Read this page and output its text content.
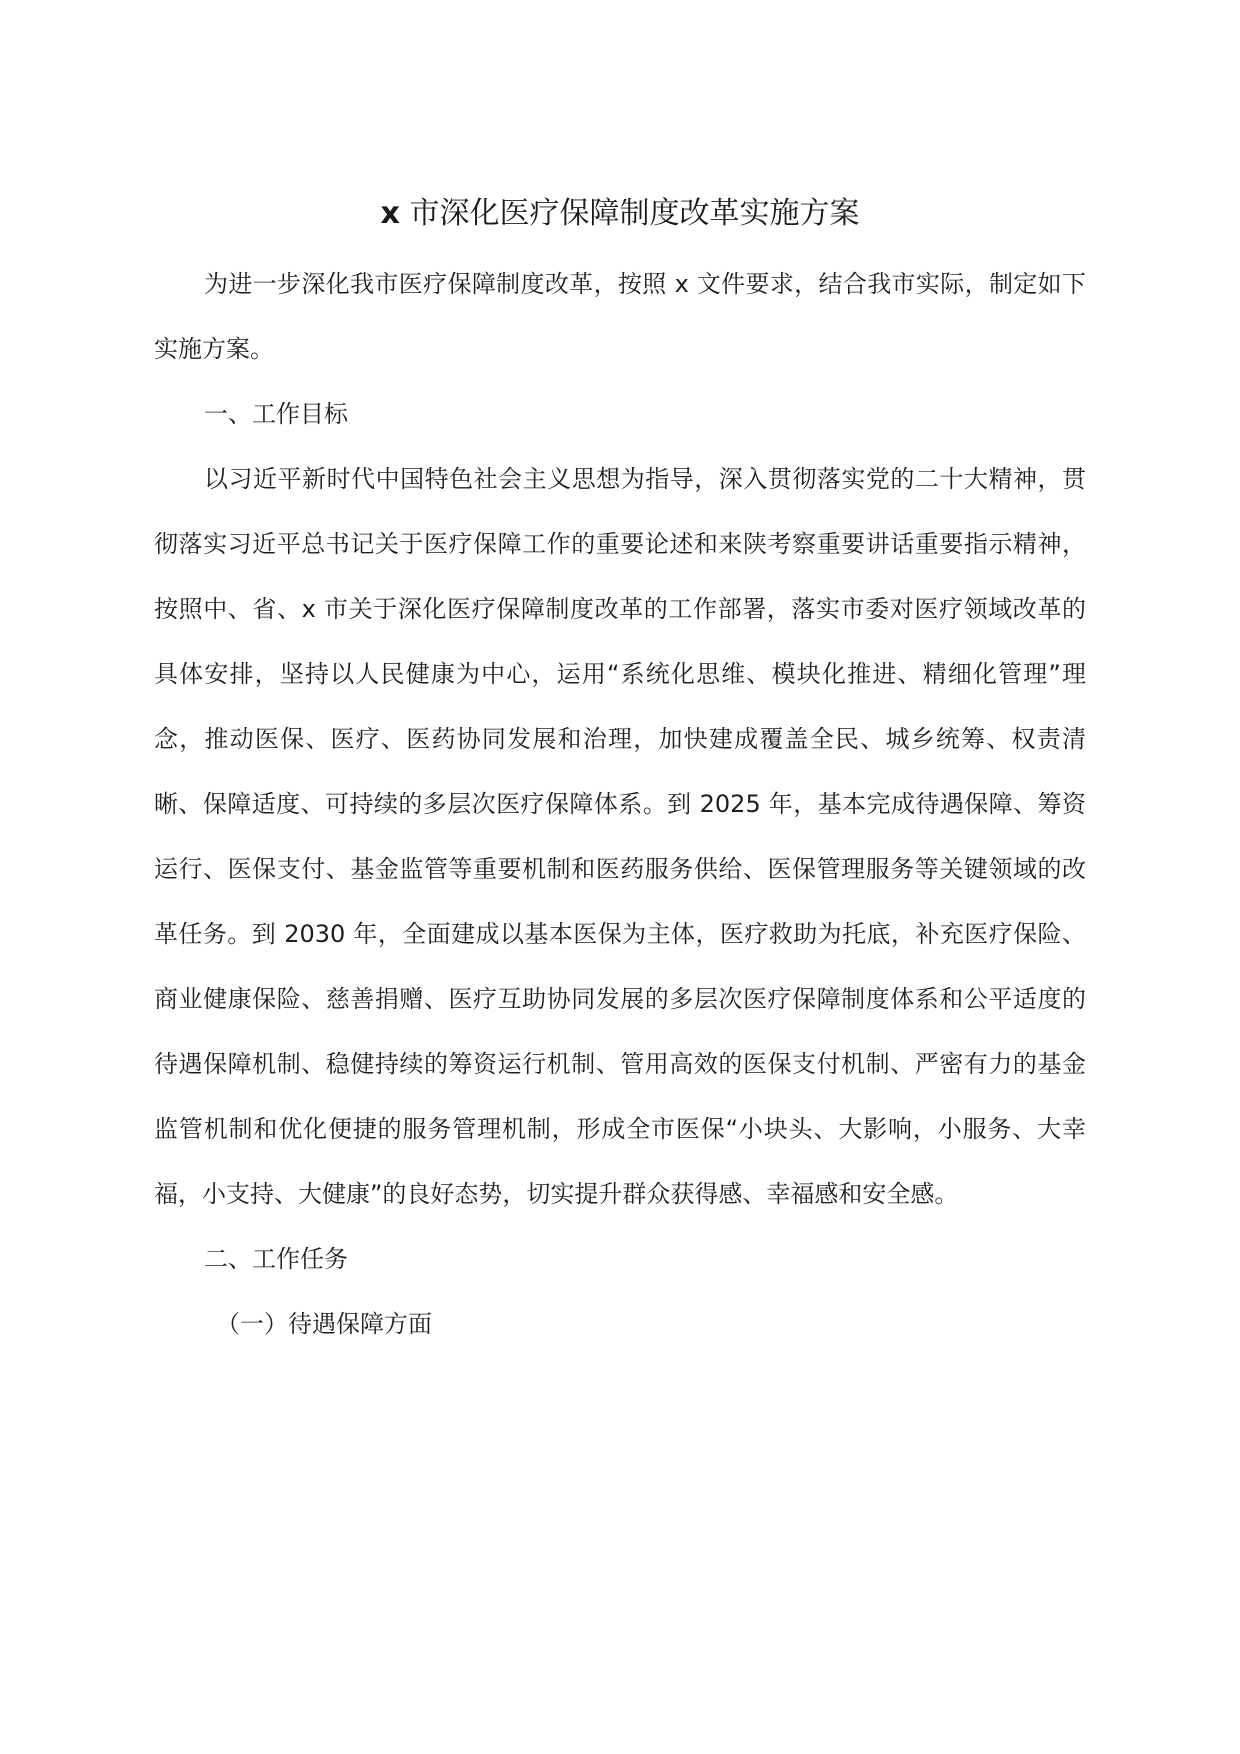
x 市深化医疗保障制度改革实施方案

为进一步深化我市医疗保障制度改革，按照 x 文件要求，结合我市实际，制定如下实施方案。

一、工作目标

以习近平新时代中国特色社会主义思想为指导，深入贯彻落实党的二十大精神，贯彻落实习近平总书记关于医疗保障工作的重要论述和来陕考察重要讲话重要指示精神，按照中、省、x 市关于深化医疗保障制度改革的工作部署，落实市委对医疗领域改革的具体安排，坚持以人民健康为中心，运用“系统化思维、模块化推进、精细化管理”理念，推动医保、医疗、医药协同发展和治理，加快建成覆盖全民、城乡统筹、权责清晰、保障适度、可持续的多层次医疗保障体系。到 2025 年，基本完成待遇保障、筹资运行、医保支付、基金监管等重要机制和医药服务供给、医保管理服务等关键领域的改革任务。到 2030 年，全面建成以基本医保为主体，医疗救助为托底，补充医疗保险、商业健康保险、慈善捐赠、医疗互助协同发展的多层次医疗保障制度体系和公平适度的待遇保障机制、稳健持续的筹资运行机制、管用高效的医保支付机制、严密有力的基金监管机制和优化便捷的服务管理机制，形成全市医保“小块头、大影响，小服务、大幸福，小支持、大健康”的良好态势，切实提升群众获得感、幸福感和安全感。

二、工作任务

（一）待遇保障方面
